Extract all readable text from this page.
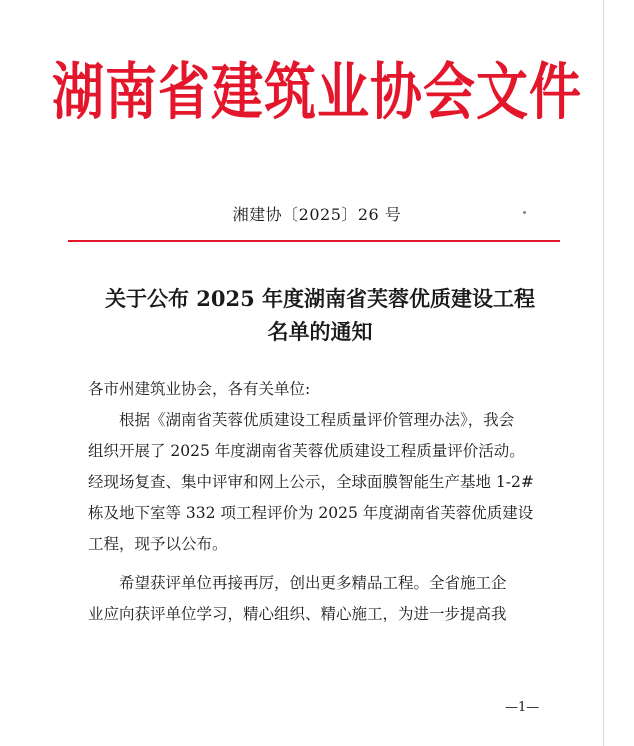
湖南省建筑业协会文件
湘建协〔2025〕26 号
关于公布 2025 年度湖南省芙蓉优质建设工程
名单的通知
各市州建筑业协会，各有关单位:
根据《湖南省芙蓉优质建设工程质量评价管理办法》，我会
组织开展了 2025 年度湖南省芙蓉优质建设工程质量评价活动。
经现场复查、集中评审和网上公示，全球面膜智能生产基地 1-2#
栋及地下室等 332 项工程评价为 2025 年度湖南省芙蓉优质建设
工程，现予以公布。
希望获评单位再接再厉，创出更多精品工程。全省施工企
业应向获评单位学习，精心组织、精心施工，为进一步提高我
—1—
